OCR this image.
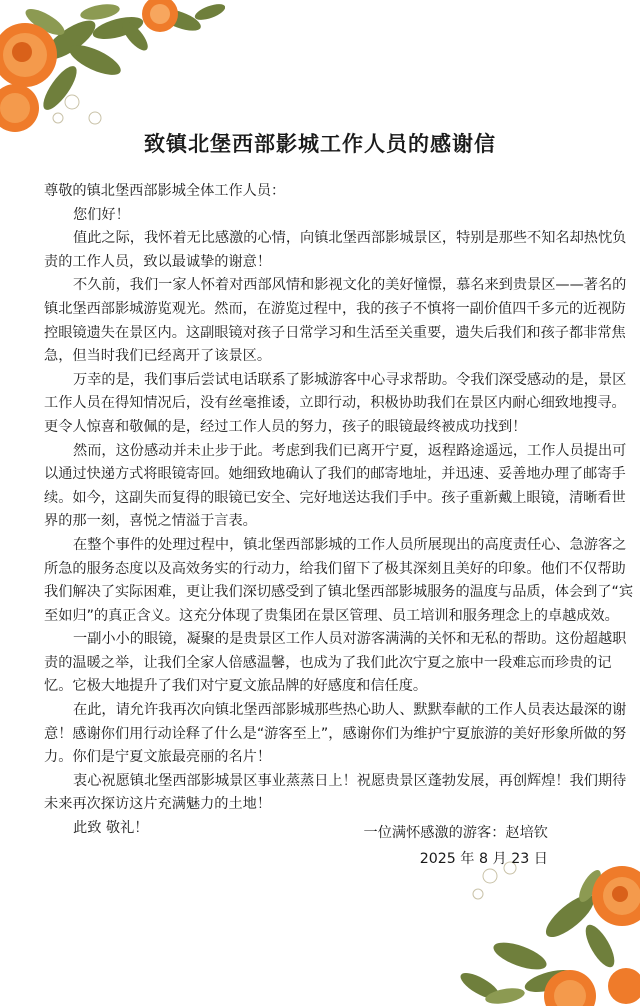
致镇北堡西部影城工作人员的感谢信

尊敬的镇北堡西部影城全体工作人员：

您们好！

值此之际，我怀着无比感激的心情，向镇北堡西部影城景区，特别是那些不知名却热忱负责的工作人员，致以最诚挚的谢意！

不久前，我们一家人怀着对西部风情和影视文化的美好憧憬，慕名来到贵景区——著名的镇北堡西部影城游览观光。然而，在游览过程中，我的孩子不慎将一副价值四千多元的近视防控眼镜遗失在景区内。这副眼镜对孩子日常学习和生活至关重要，遗失后我们和孩子都非常焦急，但当时我们已经离开了该景区。

万幸的是，我们事后尝试电话联系了影城游客中心寻求帮助。令我们深受感动的是，景区工作人员在得知情况后，没有丝毫推诿，立即行动，积极协助我们在景区内耐心细致地搜寻。更令人惊喜和敬佩的是，经过工作人员的努力，孩子的眼镜最终被成功找到！

然而，这份感动并未止步于此。考虑到我们已离开宁夏，返程路途遥远，工作人员提出可以通过快递方式将眼镜寄回。她细致地确认了我们的邮寄地址，并迅速、妥善地办理了邮寄手续。如今，这副失而复得的眼镜已安全、完好地送达我们手中。孩子重新戴上眼镜，清晰看世界的那一刻，喜悦之情溢于言表。

在整个事件的处理过程中，镇北堡西部影城的工作人员所展现出的高度责任心、急游客之所急的服务态度以及高效务实的行动力，给我们留下了极其深刻且美好的印象。他们不仅帮助我们解决了实际困难，更让我们深切感受到了镇北堡西部影城服务的温度与品质，体会到了“宾至如归”的真正含义。这充分体现了贵集团在景区管理、员工培训和服务理念上的卓越成效。

一副小小的眼镜，凝聚的是贵景区工作人员对游客满满的关怀和无私的帮助。这份超越职责的温暖之举，让我们全家人倍感温馨，也成为了我们此次宁夏之旅中一段难忘而珍贵的记忆。它极大地提升了我们对宁夏文旅品牌的好感度和信任度。

在此，请允许我再次向镇北堡西部影城那些热心助人、默默奉献的工作人员表达最深的谢意！感谢你们用行动诠释了什么是“游客至上”，感谢你们为维护宁夏旅游的美好形象所做的努力。你们是宁夏文旅最亮丽的名片！

衷心祝愿镇北堡西部影城景区事业蒸蒸日上！祝愿贵景区蓬勃发展，再创辉煌！我们期待未来再次探访这片充满魅力的土地！

此致 敬礼！	一位满怀感激的游客：赵培钦
2025 年 8 月 23 日
